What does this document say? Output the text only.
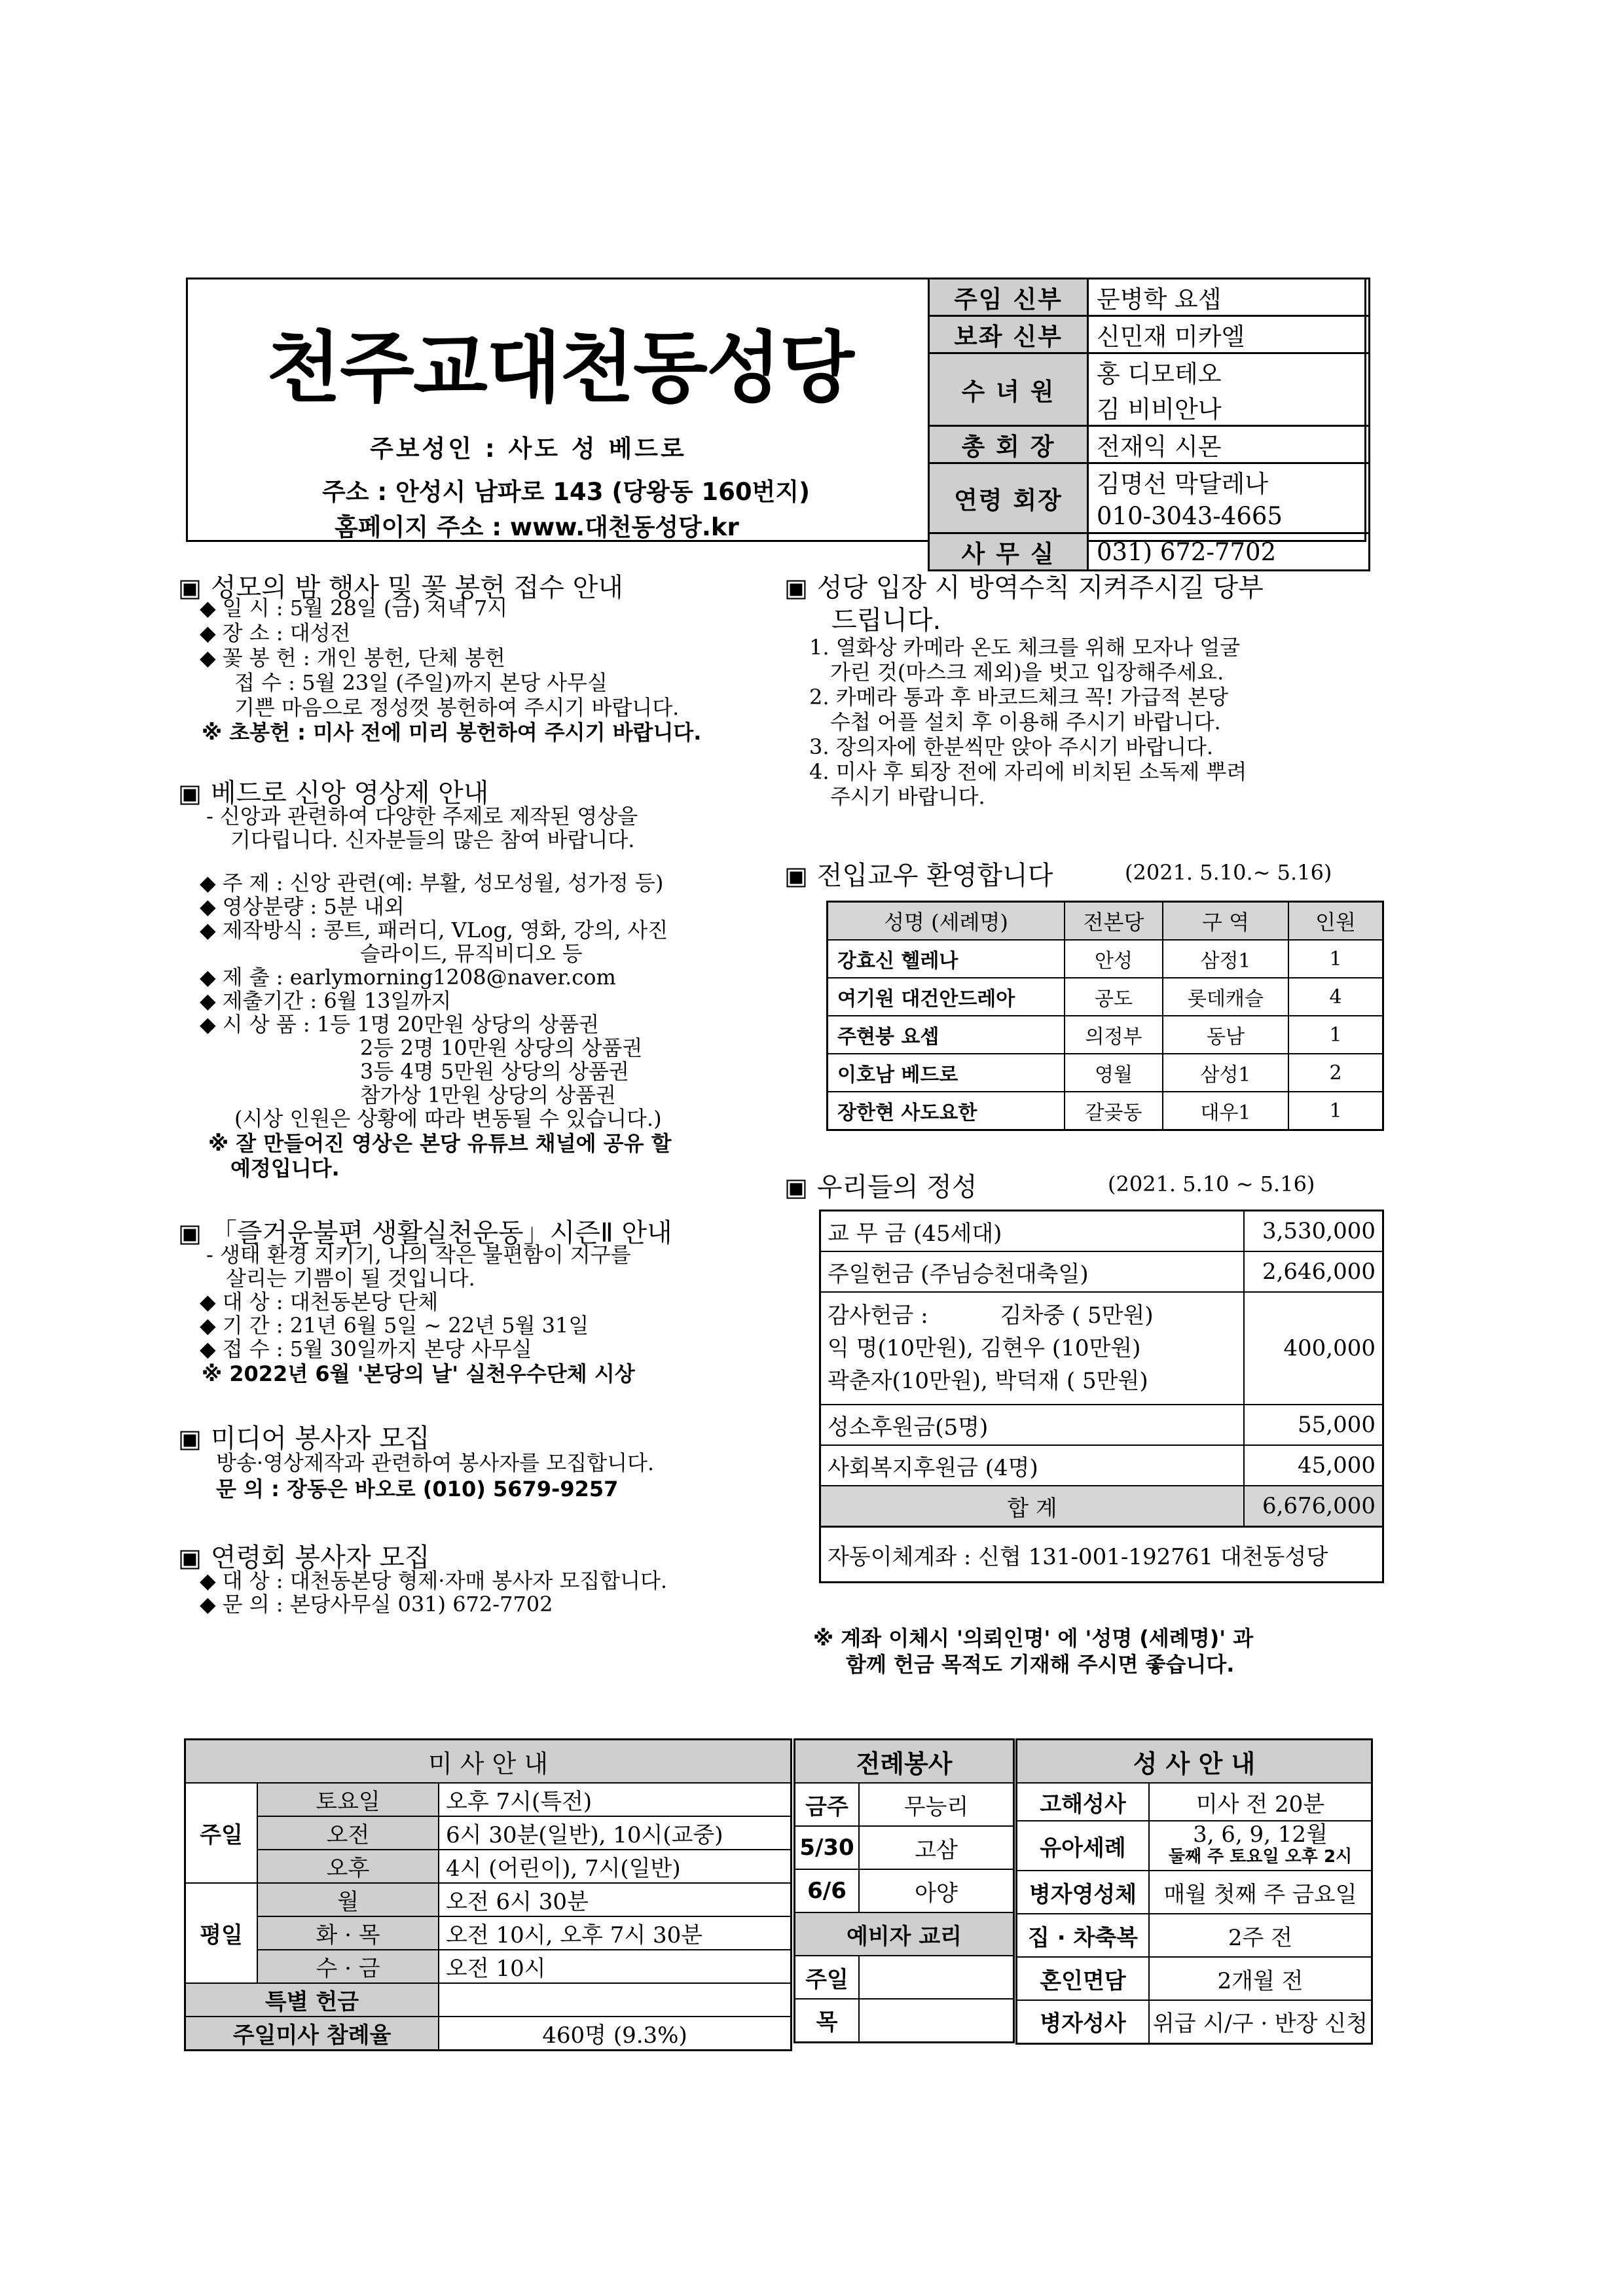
천주교대천동성당
주보성인 : 사도 성 베드로
주소 : 안성시 남파로 143 (당왕동 160번지)
홈페이지 주소 : www.대천동성당.kr
주임 신부	문병학 요셉
보좌 신부	신민재 미카엘
수 녀 원	홍 디모테오
	김 비비안나
총 회 장	전재익 시몬
연령 회장	김명선 막달레나
	010-3043-4665
사 무 실	031) 672-7702
▣ 성모의 밤 행사 및 꽃 봉헌 접수 안내
◆ 일 시 : 5월 28일 (금) 저녁 7시
◆ 장 소 : 대성전
◆ 꽃 봉 헌 : 개인 봉헌, 단체 봉헌
접 수 : 5월 23일 (주일)까지 본당 사무실
기쁜 마음으로 정성껏 봉헌하여 주시기 바랍니다.
※ 초봉헌 : 미사 전에 미리 봉헌하여 주시기 바랍니다.
▣ 베드로 신앙 영상제 안내
- 신앙과 관련하여 다양한 주제로 제작된 영상을
기다립니다. 신자분들의 많은 참여 바랍니다.
◆ 주 제 : 신앙 관련(예: 부활, 성모성월, 성가정 등)
◆ 영상분량 : 5분 내외
◆ 제작방식 : 콩트, 패러디, VLog, 영화, 강의, 사진
슬라이드, 뮤직비디오 등
◆ 제 출 : earlymorning1208@naver.com
◆ 제출기간 : 6월 13일까지
◆ 시 상 품 : 1등 1명 20만원 상당의 상품권
2등 2명 10만원 상당의 상품권
3등 4명 5만원 상당의 상품권
참가상 1만원 상당의 상품권
(시상 인원은 상황에 따라 변동될 수 있습니다.)
※ 잘 만들어진 영상은 본당 유튜브 채널에 공유 할
예정입니다.
▣ 「즐거운불편 생활실천운동」시즌Ⅱ 안내
- 생태 환경 지키기, 나의 작은 불편함이 지구를
살리는 기쁨이 될 것입니다.
◆ 대 상 : 대천동본당 단체
◆ 기 간 : 21년 6월 5일 ~ 22년 5월 31일
◆ 접 수 : 5월 30일까지 본당 사무실
※ 2022년 6월 '본당의 날' 실천우수단체 시상
▣ 미디어 봉사자 모집
방송·영상제작과 관련하여 봉사자를 모집합니다.
문 의 : 장동은 바오로 (010) 5679-9257
▣ 연령회 봉사자 모집
◆ 대 상 : 대천동본당 형제·자매 봉사자 모집합니다.
◆ 문 의 : 본당사무실 031) 672-7702
▣ 성당 입장 시 방역수칙 지켜주시길 당부
드립니다.
1. 열화상 카메라 온도 체크를 위해 모자나 얼굴
가린 것(마스크 제외)을 벗고 입장해주세요.
2. 카메라 통과 후 바코드체크 꼭! 가급적 본당
수첩 어플 설치 후 이용해 주시기 바랍니다.
3. 장의자에 한분씩만 앉아 주시기 바랍니다.
4. 미사 후 퇴장 전에 자리에 비치된 소독제 뿌려
주시기 바랍니다.
▣ 전입교우 환영합니다	(2021. 5.10.~ 5.16)
성명 (세례명)	전본당	구 역	인원
강효신 헬레나	안성	삼정1	1
여기원 대건안드레아	공도	롯데캐슬	4
주현붕 요셉	의정부	동남	1
이호남 베드로	영월	삼성1	2
장한현 사도요한	갈곶동	대우1	1
▣ 우리들의 정성	(2021. 5.10 ~ 5.16)
교 무 금 (45세대)	3,530,000
주일헌금 (주님승천대축일)	2,646,000

감사헌금 : 김차중 ( 5만원)
익 명(10만원), 김현우 (10만원)
곽춘자(10만원), 박덕재 ( 5만원)	400,000
성소후원금(5명)	55,000
사회복지후원금 (4명)	45,000
합 계	6,676,000
자동이체계좌 : 신협 131-001-192761 대천동성당	
※ 계좌 이체시 '의뢰인명' 에 '성명 (세례명)' 과
함께 헌금 목적도 기재해 주시면 좋습니다.
미 사 안 내		
주일	토요일	오후 7시(특전)
	오전	6시 30분(일반), 10시(교중)
	오후	4시 (어린이), 7시(일반)
평일	월	오전 6시 30분
	화 · 목	오전 10시, 오후 7시 30분
	수 · 금	오전 10시
특별 헌금		
주일미사 참례율		460명 (9.3%)
전례봉사	
금주	무능리
5/30	고삼
6/6	아양
예비자 교리	
주일	
목	
성 사 안 내	
고해성사	미사 전 20분
유아세례	3, 6, 9, 12월
둘째 주 토요일 오후 2시

병자영성체	매월 첫째 주 금요일
집 · 차축복	2주 전
혼인면담	2개월 전
병자성사	위급 시/구 · 반장 신청
